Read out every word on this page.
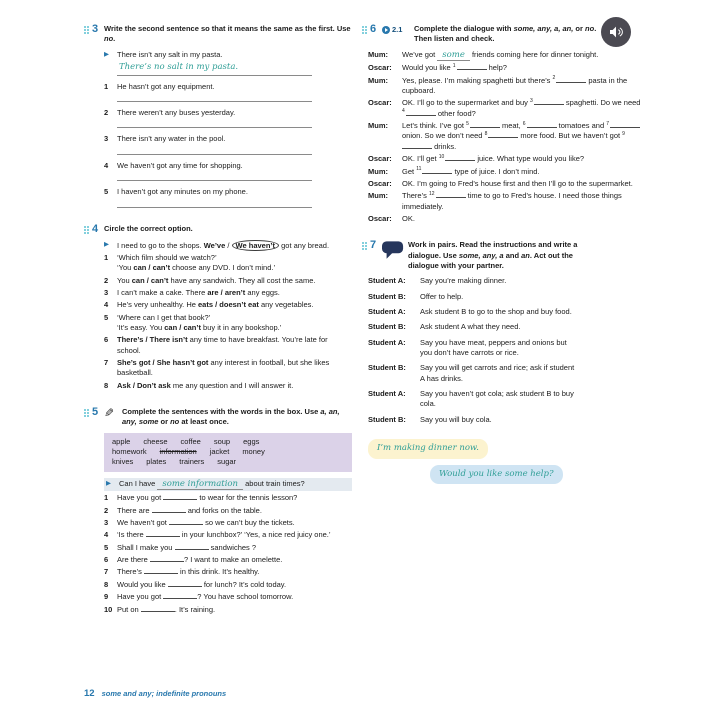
3 Write the second sentence so that it means the same as the first. Use no.
▶	There isn’t any salt in my pasta.
There’s no salt in my pasta.
1	He hasn’t got any equipment.
2	There weren’t any buses yesterday.
3	There isn’t any water in the pool.
4	We haven’t got any time for shopping.
5	I haven’t got any minutes on my phone.
4 Circle the correct option.
▶	I need to go to the shops. We’ve / We haven’t got any bread.
1	‘Which film should we watch?’
‘You can / can’t choose any DVD. I don’t mind.’
2	You can / can’t have any sandwich. They all cost the same.
3	I can’t make a cake. There are / aren’t any eggs.
4	He’s very unhealthy. He eats / doesn’t eat any vegetables.
5	‘Where can I get that book?’
‘It’s easy. You can / can’t buy it in any bookshop.’
6	There’s / There isn’t any time to have breakfast. You’re late for school.
7	She’s got / She hasn’t got any interest in football, but she likes basketball.
8	Ask / Don’t ask me any question and I will answer it.
5 ✎	Complete the sentences with the words in the box. Use a, an, any, some or no at least once.
apple cheese coffee soup eggs
homework information jacket money
knives plates trainers sugar
▶	Can I have some information about train times?
1	Have you got	to wear for the tennis lesson?
2	There are	and forks on the table.
3	We haven’t got	so we can’t buy the tickets.
4	‘Is there	in your lunchbox?’ ‘Yes, a nice red juicy one.’
5	Shall I make you	sandwiches ?
6	Are there	? I want to make an omelette.
7	There’s	in this drink. It’s healthy.
8	Would you like	for lunch? It’s cold today.
9	Have you got	? You have school tomorrow.
10 Put on	. It’s raining.
6 2.1 Complete the dialogue with some, any, a, an, or no. Then listen and check.
Mum:	We’ve got some friends coming here for dinner tonight.
Oscar:	Would you like $^1$	help?
Mum:	Yes, please. I’m making spaghetti but there’s $^2$	pasta in the cupboard.
Oscar:	OK. I’ll go to the supermarket and buy $^3$	spaghetti. Do we need $^4$	other food?
Mum:	Let’s think. I’ve got $^5$	meat, $^6$	tomatoes and $^7$ onion. So we don’t need $^8$	more food. But we haven’t got $^9$ drinks.
Oscar:	OK. I’ll get $^{10}$	juice. What type would you like?
Mum:	Get $^{11}$	type of juice. I don’t mind.
Oscar:	OK. I’m going to Fred’s house first and then I’ll go to the supermarket.
Mum:	There’s $^{12}$	time to go to Fred’s house. I need those things immediately.
Oscar:	OK.
7	Work in pairs. Read the instructions and write a dialogue. Use some, any, a and an. Act out the dialogue with your partner.
Student A:	Say you’re making dinner.
Student B:	Offer to help.
Student A:	Ask student B to go to the shop and buy food.
Student B:	Ask student A what they need.
Student A:	Say you have meat, peppers and onions but you don’t have carrots or rice.
Student B:	Say you will get carrots and rice; ask if student A has drinks.
Student A:	Say you haven’t got cola; ask student B to buy cola.
Student B:	Say you will buy cola.
I’m making dinner now.
Would you like some help?
12 some and any; indefinite pronouns
